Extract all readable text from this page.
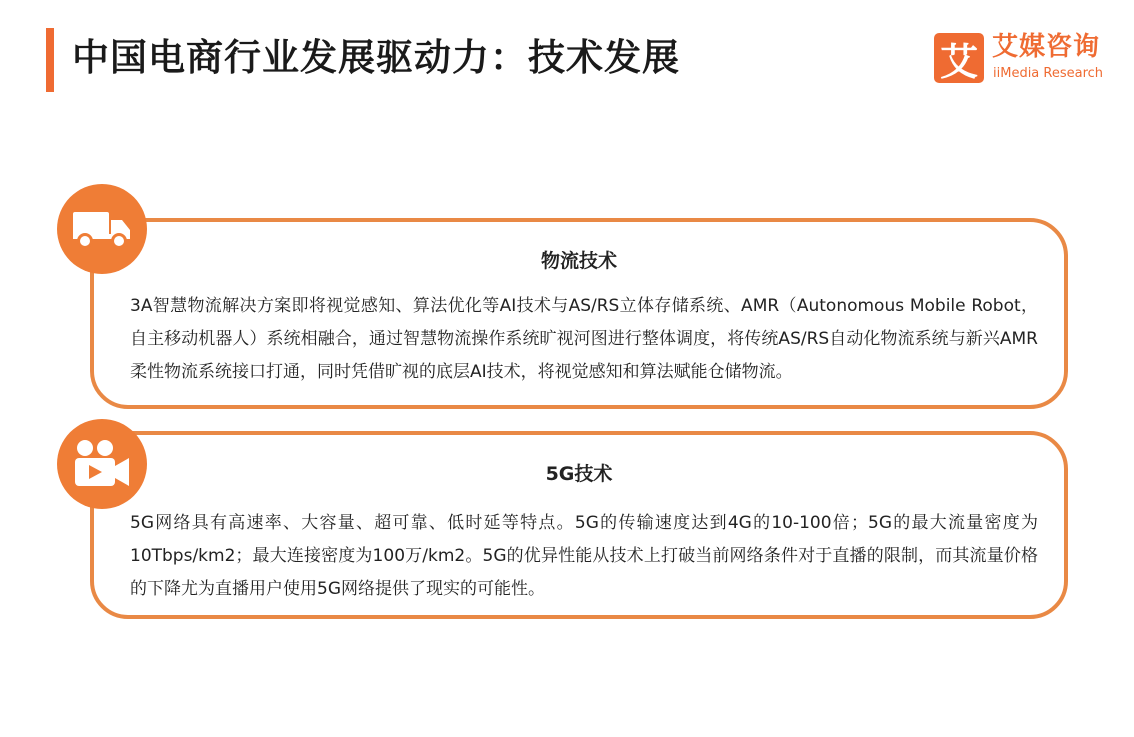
中国电商行业发展驱动力：技术发展	艾 艾媒咨询
iiMedia Research
物流技术
3A智慧物流解决方案即将视觉感知、算法优化等AI技术与AS/RS立体存储系统、AMR（Autonomous Mobile Robot，自主移动机器人）系统相融合，通过智慧物流操作系统旷视河图进行整体调度，将传统AS/RS自动化物流系统与新兴AMR柔性物流系统接口打通，同时凭借旷视的底层AI技术，将视觉感知和算法赋能仓储物流。
5G技术
5G网络具有高速率、大容量、超可靠、低时延等特点。5G的传输速度达到4G的10-100倍；5G的最大流量密度为10Tbps/km2；最大连接密度为100万/km2。5G的优异性能从技术上打破当前网络条件对于直播的限制，而其流量价格的下降尤为直播用户使用5G网络提供了现实的可能性。
